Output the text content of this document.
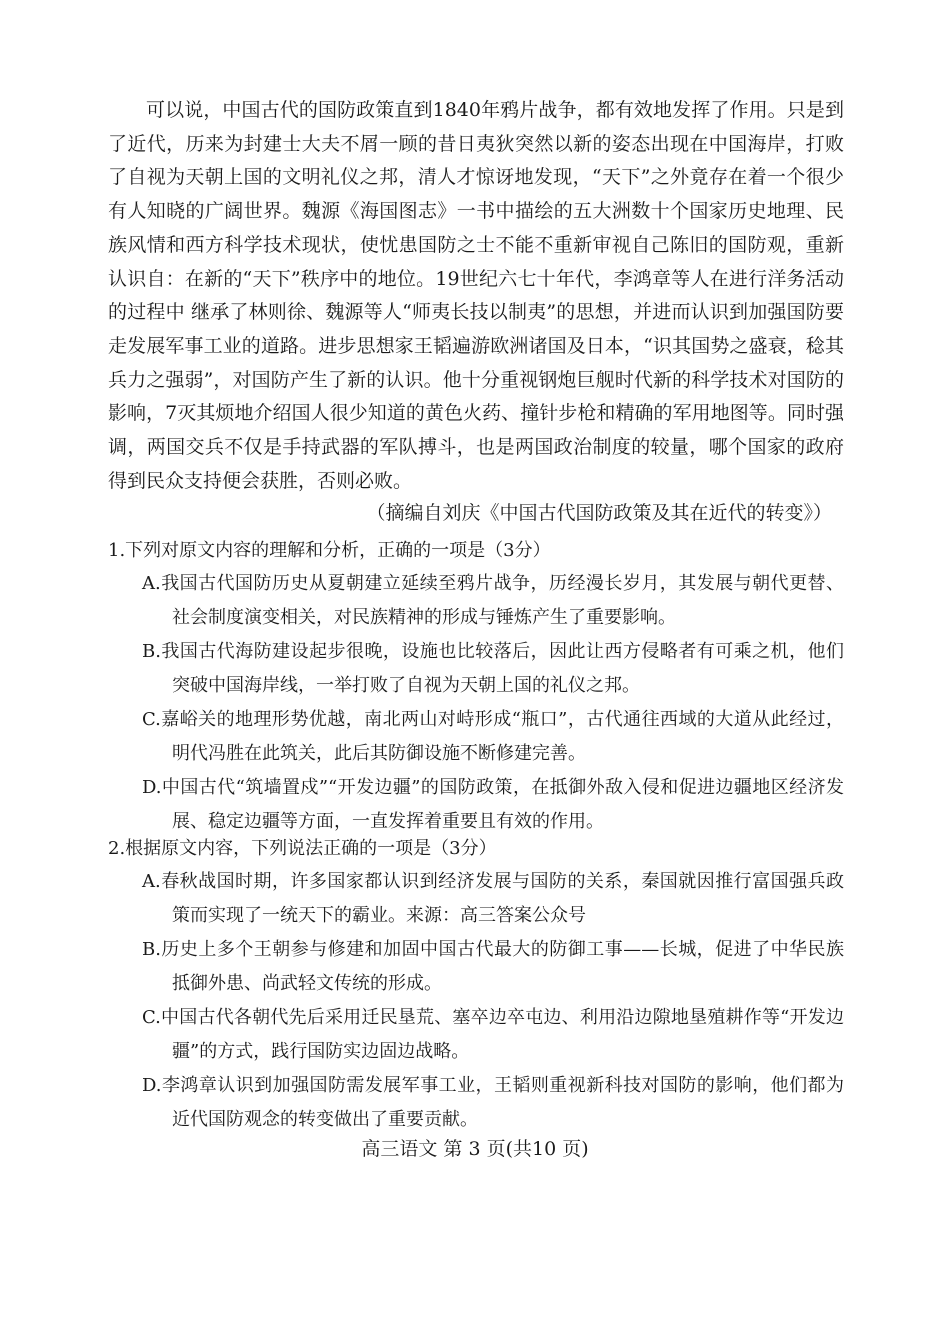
可以说，中国古代的国防政策直到1840年鸦片战争，都有效地发挥了作用。只是到了近代，历来为封建士大夫不屑一顾的昔日夷狄突然以新的姿态出现在中国海岸，打败了自视为天朝上国的文明礼仪之邦，清人才惊讶地发现，“天下”之外竟存在着一个很少有人知晓的广阔世界。魏源《海国图志》一书中描绘的五大洲数十个国家历史地理、民族风情和西方科学技术现状，使忧患国防之士不能不重新审视自己陈旧的国防观，重新认识自：在新的“天下”秩序中的地位。19世纪六七十年代，李鸿章等人在进行洋务活动的过程中 继承了林则徐、魏源等人“师夷长技以制夷”的思想，并进而认识到加强国防要走发展军事工业的道路。进步思想家王韬遍游欧洲诸国及日本，“识其国势之盛衰，稔其兵力之强弱”，对国防产生了新的认识。他十分重视钢炮巨舰时代新的科学技术对国防的影响，7灭其烦地介绍国人很少知道的黄色火药、撞针步枪和精确的军用地图等。同时强调，两国交兵不仅是手持武器的军队搏斗，也是两国政治制度的较量，哪个国家的政府得到民众支持便会获胜，否则必败。

（摘编自刘庆《中国古代国防政策及其在近代的转变》）
1.下列对原文内容的理解和分析，正确的一项是（3分）
A.我国古代国防历史从夏朝建立延续至鸦片战争，历经漫长岁月，其发展与朝代更替、社会制度演变相关，对民族精神的形成与锤炼产生了重要影响。
B.我国古代海防建设起步很晚，设施也比较落后，因此让西方侵略者有可乘之机，他们突破中国海岸线，一举打败了自视为天朝上国的礼仪之邦。
C.嘉峪关的地理形势优越，南北两山对峙形成“瓶口”，古代通往西域的大道从此经过，明代冯胜在此筑关，此后其防御设施不断修建完善。
D.中国古代“筑墙置戍”“开发边疆”的国防政策，在抵御外敌入侵和促进边疆地区经济发展、稳定边疆等方面，一直发挥着重要且有效的作用。
2.根据原文内容，下列说法正确的一项是（3分）
A.春秋战国时期，许多国家都认识到经济发展与国防的关系，秦国就因推行富国强兵政策而实现了一统天下的霸业。来源：高三答案公众号
B.历史上多个王朝参与修建和加固中国古代最大的防御工事——长城，促进了中华民族抵御外患、尚武轻文传统的形成。
C.中国古代各朝代先后采用迁民垦荒、塞卒边卒屯边、利用沿边隙地垦殖耕作等“开发边疆”的方式，践行国防实边固边战略。
D.李鸿章认识到加强国防需发展军事工业，王韬则重视新科技对国防的影响，他们都为近代国防观念的转变做出了重要贡献。
高三语文 第 3 页(共10 页)
